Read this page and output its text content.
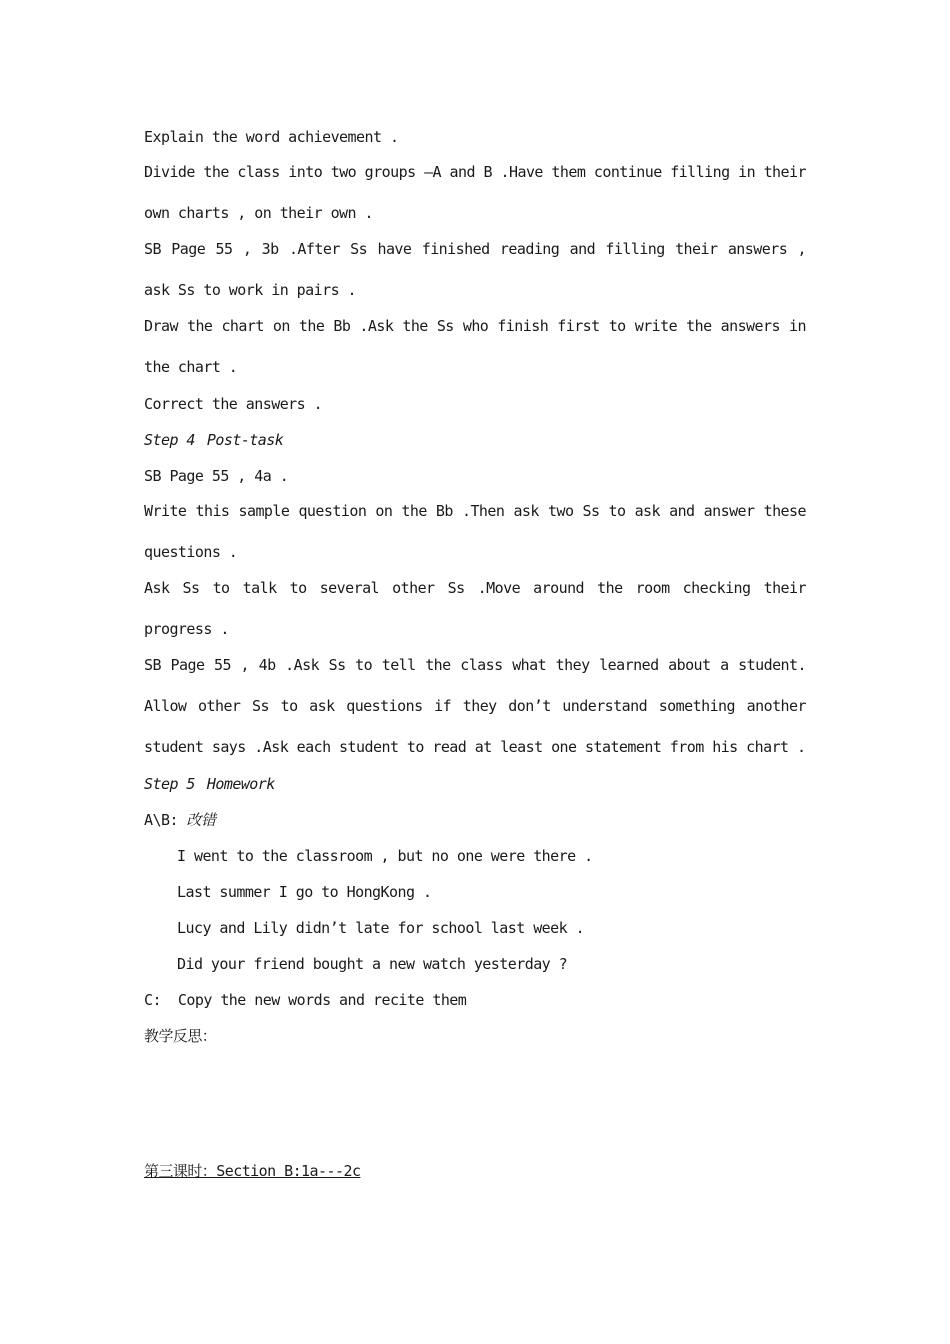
Explain the word achievement .
Divide the class into two groups —A and B .Have them continue filling in their own charts , on their own .
SB Page 55 , 3b .After Ss have finished reading and filling their answers , ask Ss to work in pairs .
Draw the chart on the Bb .Ask the Ss who finish first to write the answers in the chart .
Correct the answers .
Step 4 Post-task
SB Page 55 , 4a .
Write this sample question on the Bb .Then ask two Ss to ask and answer these questions .
Ask Ss to talk to several other Ss .Move around the room checking their progress .
SB Page 55 , 4b .Ask Ss to tell the class what they learned about a student. Allow other Ss to ask questions if they don’t understand something another student says .Ask each student to read at least one statement from his chart .
Step 5 Homework
A\B: 改错
I went to the classroom , but no one were there .
Last summer I go to HongKong .
Lucy and Lily didn’t late for school last week .
Did your friend bought a new watch yesterday ?
C:  Copy the new words and recite them
教学反思：
第三课时：Section B:1a---2c
